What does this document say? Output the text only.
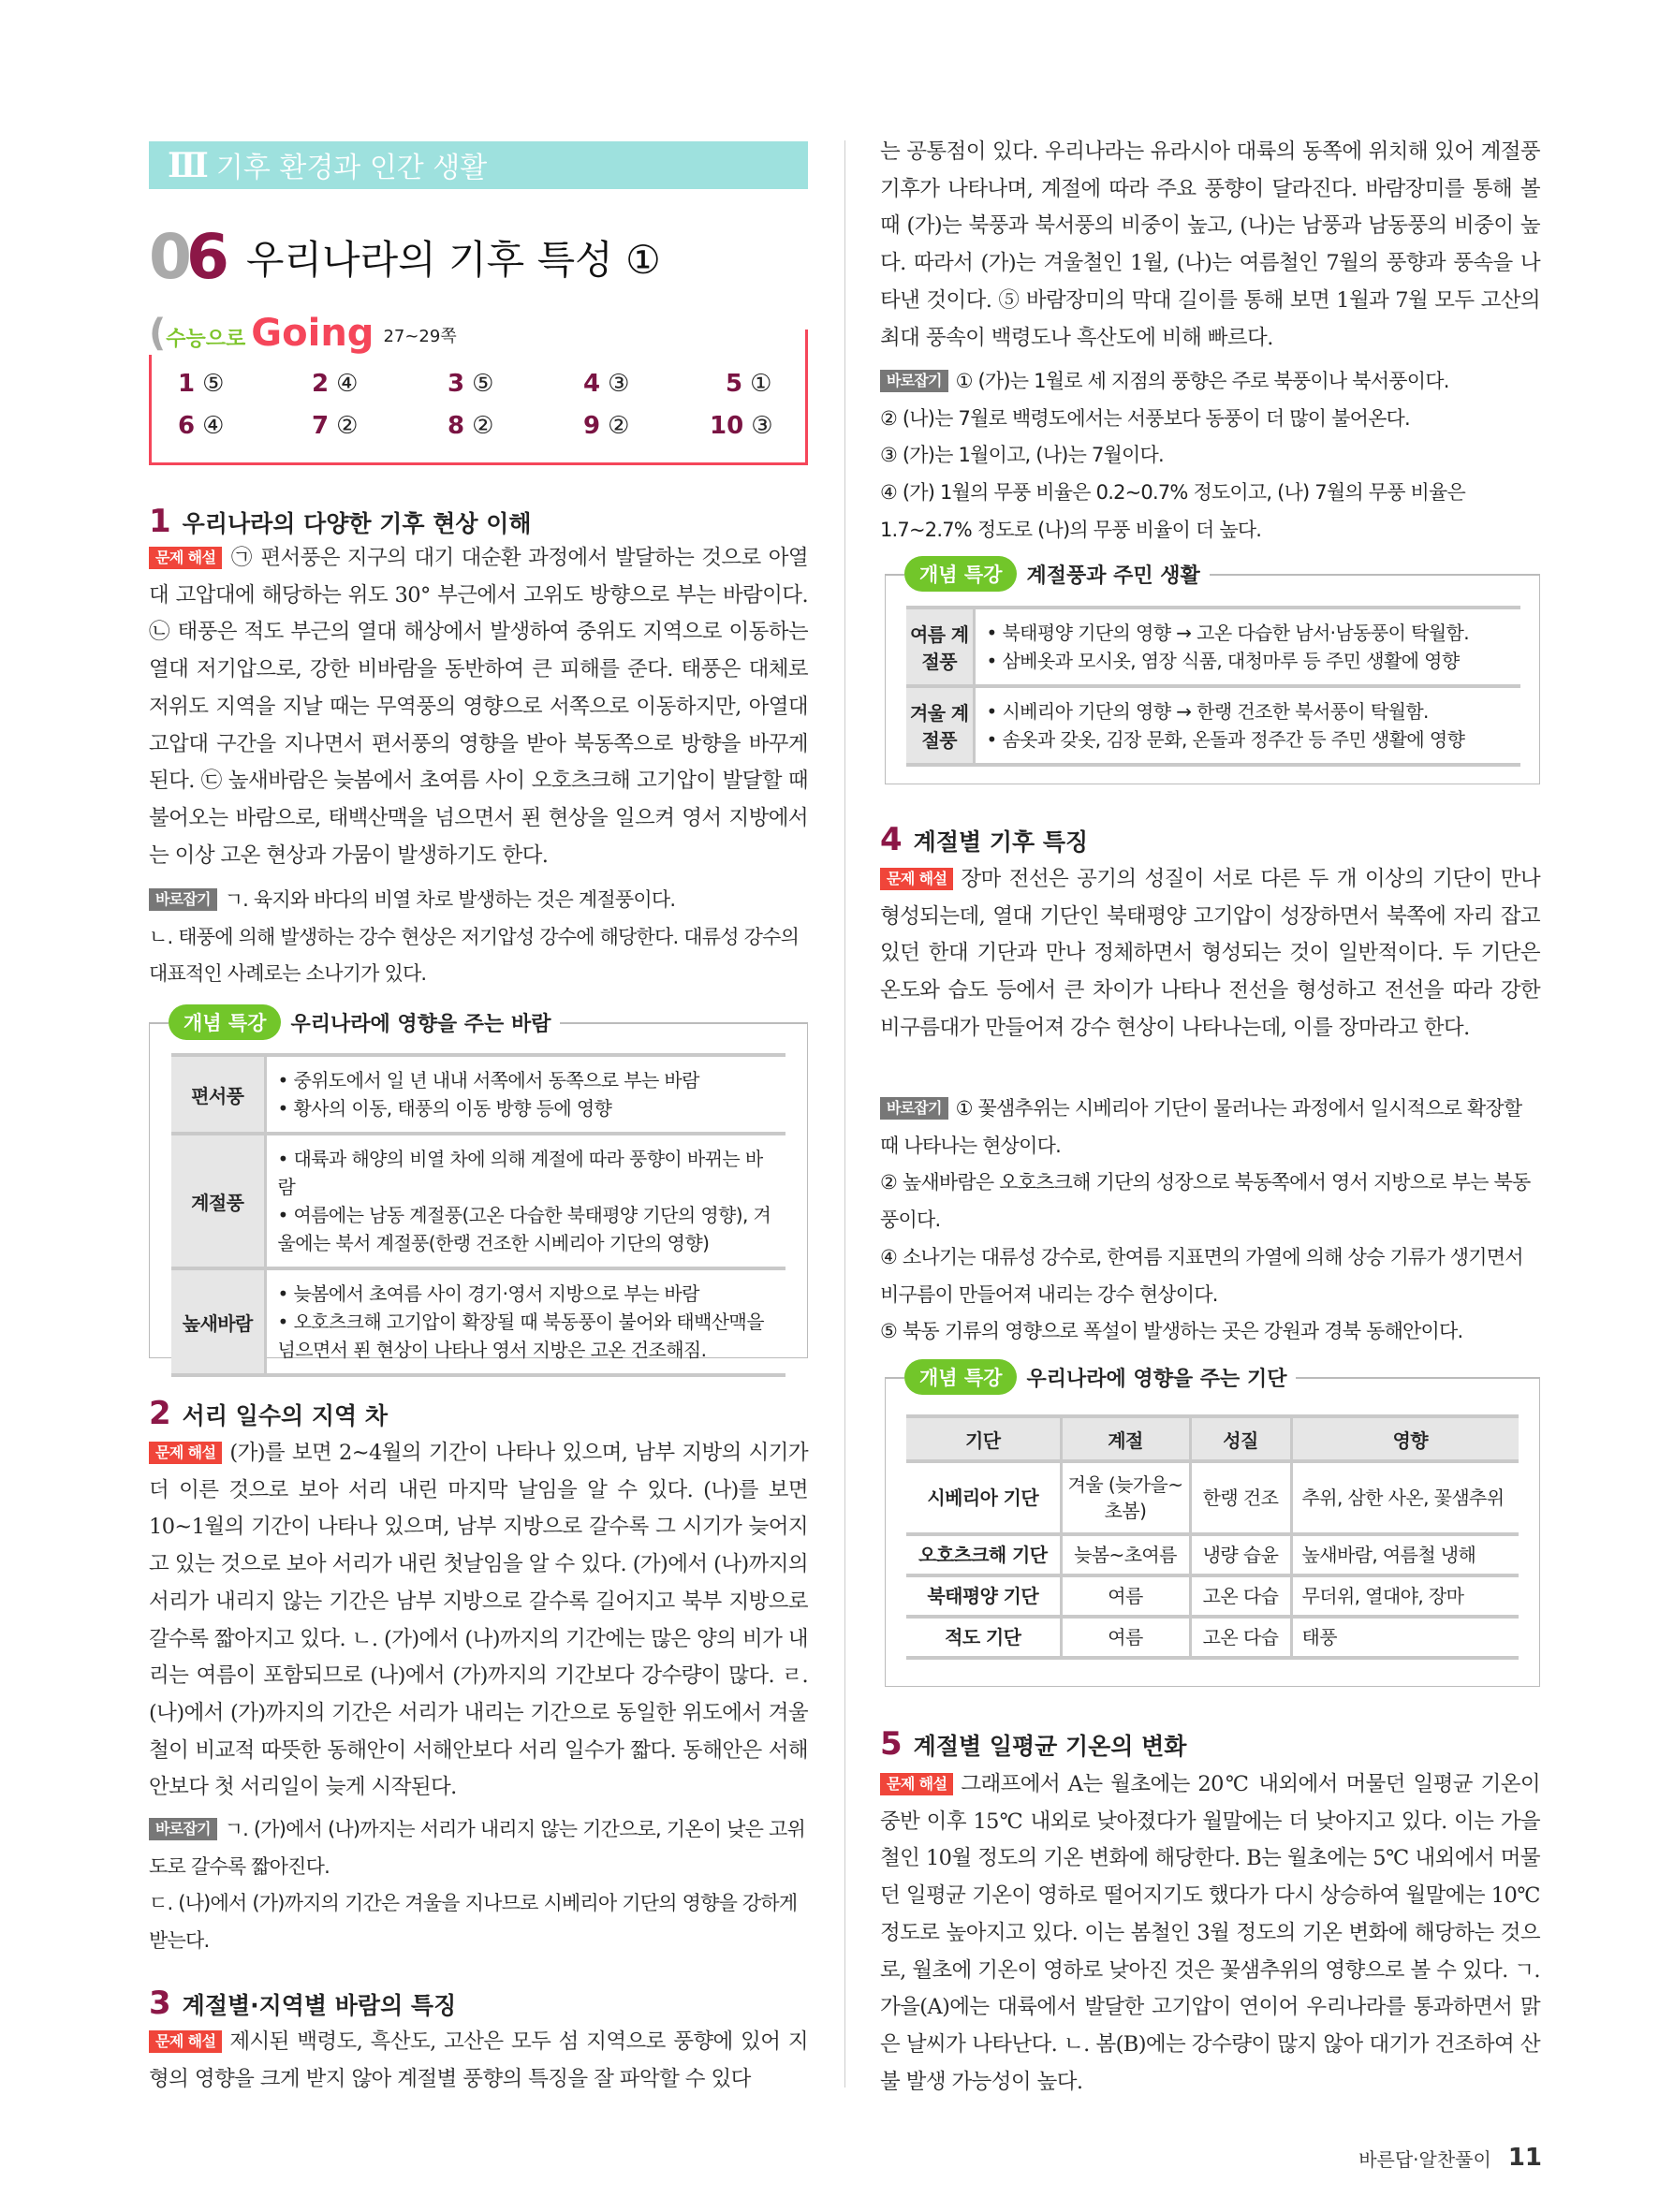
Ⅲ 기후 환경과 인간 생활
06 우리나라의 기후 특성 ①
(수능으로 Going 27~29쪽
1 ⑤	2 ④	3 ⑤	4 ③	5 ①
6 ④	7 ②	8 ②	9 ②	10 ③
1 우리나라의 다양한 기후 현상 이해
문제 해설 ㉠ 편서풍은 지구의 대기 대순환 과정에서 발달하는 것으로 아열대 고압대에 해당하는 위도 30° 부근에서 고위도 방향으로 부는 바람이다. ㉡ 태풍은 적도 부근의 열대 해상에서 발생하여 중위도 지역으로 이동하는 열대 저기압으로, 강한 비바람을 동반하여 큰 피해를 준다. 태풍은 대체로 저위도 지역을 지날 때는 무역풍의 영향으로 서쪽으로 이동하지만, 아열대 고압대 구간을 지나면서 편서풍의 영향을 받아 북동쪽으로 방향을 바꾸게 된다. ㉢ 높새바람은 늦봄에서 초여름 사이 오호츠크해 고기압이 발달할 때 불어오는 바람으로, 태백산맥을 넘으면서 푄 현상을 일으켜 영서 지방에서는 이상 고온 현상과 가뭄이 발생하기도 한다.
바로잡기 ㄱ. 육지와 바다의 비열 차로 발생하는 것은 계절풍이다.
ㄴ. 태풍에 의해 발생하는 강수 현상은 저기압성 강수에 해당한다. 대류성 강수의 대표적인 사례로는 소나기가 있다.
개념 특강	우리나라에 영향을 주는 바람
편서풍	• 중위도에서 일 년 내내 서쪽에서 동쪽으로 부는 바람
• 황사의 이동, 태풍의 이동 방향 등에 영향

계절풍	• 대륙과 해양의 비열 차에 의해 계절에 따라 풍향이 바뀌는 바람
• 여름에는 남동 계절풍(고온 다습한 북태평양 기단의 영향), 겨울에는 북서 계절풍(한랭 건조한 시베리아 기단의 영향)

높새바람	• 늦봄에서 초여름 사이 경기·영서 지방으로 부는 바람
• 오호츠크해 고기압이 확장될 때 북동풍이 불어와 태백산맥을 넘으면서 푄 현상이 나타나 영서 지방은 고온 건조해짐.
2 서리 일수의 지역 차
문제 해설 (가)를 보면 2~4월의 기간이 나타나 있으며, 남부 지방의 시기가 더 이른 것으로 보아 서리 내린 마지막 날임을 알 수 있다. (나)를 보면 10~1월의 기간이 나타나 있으며, 남부 지방으로 갈수록 그 시기가 늦어지고 있는 것으로 보아 서리가 내린 첫날임을 알 수 있다. (가)에서 (나)까지의 서리가 내리지 않는 기간은 남부 지방으로 갈수록 길어지고 북부 지방으로 갈수록 짧아지고 있다. ㄴ. (가)에서 (나)까지의 기간에는 많은 양의 비가 내리는 여름이 포함되므로 (나)에서 (가)까지의 기간보다 강수량이 많다. ㄹ. (나)에서 (가)까지의 기간은 서리가 내리는 기간으로 동일한 위도에서 겨울철이 비교적 따뜻한 동해안이 서해안보다 서리 일수가 짧다. 동해안은 서해안보다 첫 서리일이 늦게 시작된다.
바로잡기 ㄱ. (가)에서 (나)까지는 서리가 내리지 않는 기간으로, 기온이 낮은 고위도로 갈수록 짧아진다.
ㄷ. (나)에서 (가)까지의 기간은 겨울을 지나므로 시베리아 기단의 영향을 강하게 받는다.
3 계절별·지역별 바람의 특징
문제 해설 제시된 백령도, 흑산도, 고산은 모두 섬 지역으로 풍향에 있어 지형의 영향을 크게 받지 않아 계절별 풍향의 특징을 잘 파악할 수 있다
는 공통점이 있다. 우리나라는 유라시아 대륙의 동쪽에 위치해 있어 계절풍 기후가 나타나며, 계절에 따라 주요 풍향이 달라진다. 바람장미를 통해 볼 때 (가)는 북풍과 북서풍의 비중이 높고, (나)는 남풍과 남동풍의 비중이 높다. 따라서 (가)는 겨울철인 1월, (나)는 여름철인 7월의 풍향과 풍속을 나타낸 것이다. ⑤ 바람장미의 막대 길이를 통해 보면 1월과 7월 모두 고산의 최대 풍속이 백령도나 흑산도에 비해 빠르다.
바로잡기 ① (가)는 1월로 세 지점의 풍향은 주로 북풍이나 북서풍이다.
② (나)는 7월로 백령도에서는 서풍보다 동풍이 더 많이 불어온다.
③ (가)는 1월이고, (나)는 7월이다.
④ (가) 1월의 무풍 비율은 0.2~0.7% 정도이고, (나) 7월의 무풍 비율은 1.7~2.7% 정도로 (나)의 무풍 비율이 더 높다.
개념 특강	계절풍과 주민 생활
여름 계절풍	• 북태평양 기단의 영향 → 고온 다습한 남서·남동풍이 탁월함.
• 삼베옷과 모시옷, 염장 식품, 대청마루 등 주민 생활에 영향

겨울 계절풍	• 시베리아 기단의 영향 → 한랭 건조한 북서풍이 탁월함.
• 솜옷과 갖옷, 김장 문화, 온돌과 정주간 등 주민 생활에 영향
4 계절별 기후 특징
문제 해설 장마 전선은 공기의 성질이 서로 다른 두 개 이상의 기단이 만나 형성되는데, 열대 기단인 북태평양 고기압이 성장하면서 북쪽에 자리 잡고 있던 한대 기단과 만나 정체하면서 형성되는 것이 일반적이다. 두 기단은 온도와 습도 등에서 큰 차이가 나타나 전선을 형성하고 전선을 따라 강한 비구름대가 만들어져 강수 현상이 나타나는데, 이를 장마라고 한다.
바로잡기 ① 꽃샘추위는 시베리아 기단이 물러나는 과정에서 일시적으로 확장할 때 나타나는 현상이다.
② 높새바람은 오호츠크해 기단의 성장으로 북동쪽에서 영서 지방으로 부는 북동풍이다.
④ 소나기는 대류성 강수로, 한여름 지표면의 가열에 의해 상승 기류가 생기면서 비구름이 만들어져 내리는 강수 현상이다.
⑤ 북동 기류의 영향으로 폭설이 발생하는 곳은 강원과 경북 동해안이다.
개념 특강	우리나라에 영향을 주는 기단
기단	계절	성질	영향
시베리아 기단	겨울 (늦가을~초봄)	한랭 건조	추위, 삼한 사온, 꽃샘추위
오호츠크해 기단	늦봄~초여름	냉량 습윤	높새바람, 여름철 냉해
북태평양 기단	여름	고온 다습	무더위, 열대야, 장마
적도 기단	여름	고온 다습	태풍
5 계절별 일평균 기온의 변화
문제 해설 그래프에서 A는 월초에는 20℃ 내외에서 머물던 일평균 기온이 중반 이후 15℃ 내외로 낮아졌다가 월말에는 더 낮아지고 있다. 이는 가을철인 10월 정도의 기온 변화에 해당한다. B는 월초에는 5℃ 내외에서 머물던 일평균 기온이 영하로 떨어지기도 했다가 다시 상승하여 월말에는 10℃ 정도로 높아지고 있다. 이는 봄철인 3월 정도의 기온 변화에 해당하는 것으로, 월초에 기온이 영하로 낮아진 것은 꽃샘추위의 영향으로 볼 수 있다. ㄱ. 가을(A)에는 대륙에서 발달한 고기압이 연이어 우리나라를 통과하면서 맑은 날씨가 나타난다. ㄴ. 봄(B)에는 강수량이 많지 않아 대기가 건조하여 산불 발생 가능성이 높다.
바른답·알찬풀이 11
